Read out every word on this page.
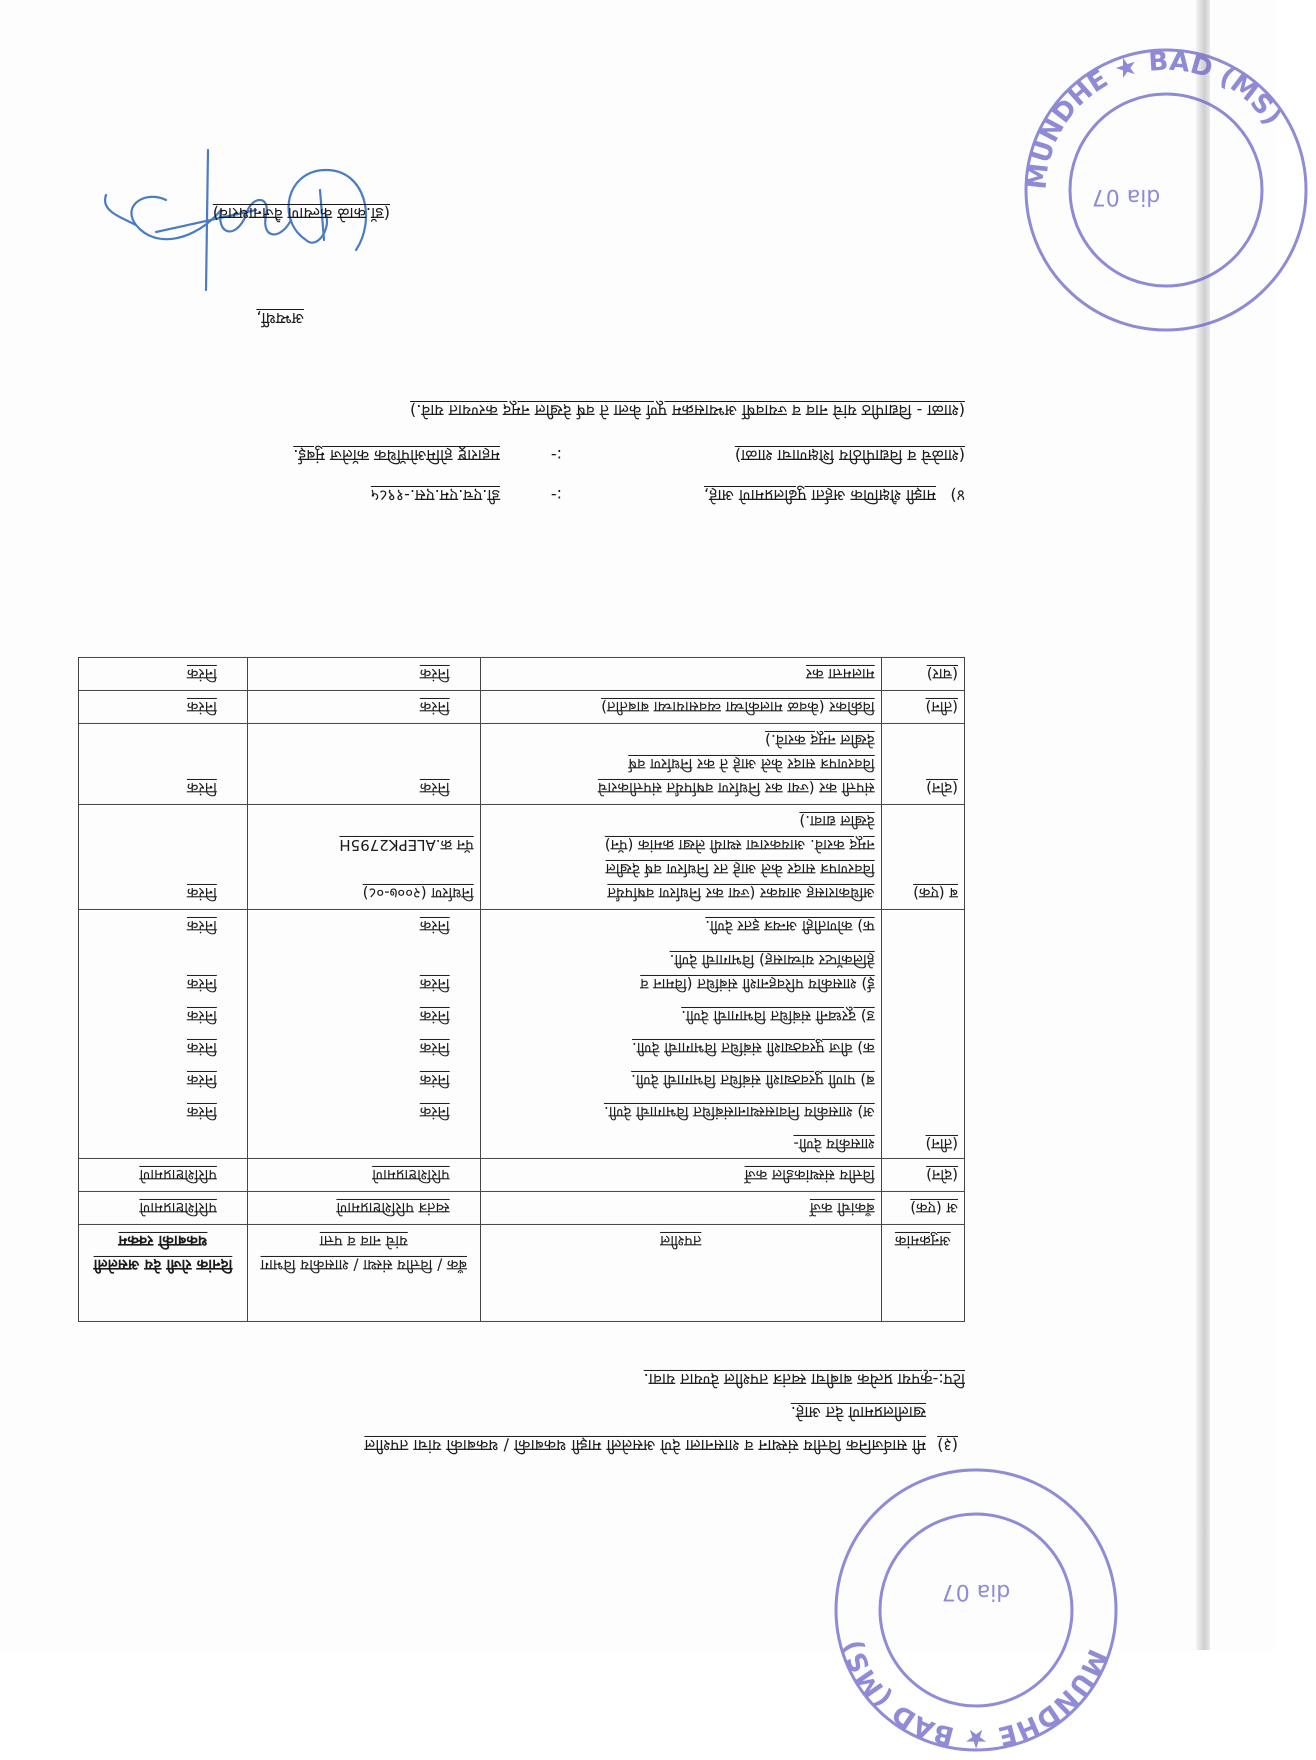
MUNDHE ★ BAD (MS)
dia 07
MUNDHE ★ BAD (MS)
dia 07
(३)
मी सार्वजनिक वित्तीय संस्थान व शासनाला देणे असलेली माझी थकबाकी / थकबाकी यांचा तपशील
खालीलप्रमाणे देत आहे.
टिप:-कृपया प्रत्येक बाबीचा स्वतंत्र तपशील देण्यात यावा.
अनुक्रमांक	तपशील	बँक / वित्तीय संस्था / शासकीय विभाग यांचे नाव व पत्ता	दिनांक रोजी देय असलेली थकबाकी रक्कम
अ (एक)	बँकांची कर्जे	स्वतंत्र परिशिष्टाप्रमाणे	परिशिष्टाप्रमाणे
(दोन)	वित्तीय संस्थांकडील कर्जे	परिशिष्टाप्रमाणे	परिशिष्टाप्रमाणे
(तीन)	शासकीय देणी-		

	अ) शासकीय निवासस्थानासंबंधित विभागाची देणी.	निरंक	निरंक

	ब) पाणी पुरवठ्याशी संबंधित विभागाची देणी.	निरंक	निरंक

	क) वीज पुरवठ्याशी संबंधित विभागाची देणी.	निरंक	निरंक

	ड) दूरध्वनी संबंधित विभागाची देणी.	निरंक	निरंक

	ई) शासकीय परिवहनाशी संबंधित (विमान व
हेलिकॉप्टर यांच्यासह) विभागाची देणी.	निरंक	निरंक

	फ) कोणतीही अन्यत्र इतर देणी.	निरंक	निरंक
ब (एक)	अधिकारासह आयकर (ज्या कर निर्धारण वर्षापर्यंत
विवरणपत्र सादर केले आहे तर निर्धारण वर्ष देखील
नमूद करावे. आयकराचा स्थायी लेखा क्रमांक (पॅन)
देखील द्यावा.)	निर्धारण (२००७-०८)
पॅन क्र.ALEPK2795H	निरंक
(दोन)	संपत्ती कर (ज्या कर निर्धारण वर्षापर्यंत संपत्तीकराचे
विवरणपत्र सादर केले आहे ते कर निर्धारण वर्ष
देखील नमूद करावे.)	निरंक	निरंक
(तीन)	विक्रीकर (केवळ मालकीच्या व्यवसायाच्या बाबतीत)	निरंक	निरंक
(चार)	मालमत्ता कर	निरंक	निरंक
४)
माझी शैक्षणिक अर्हता पुढीलप्रमाणे आहे,
:-
डी.एच.एम.एस.-१९८५
(शाळेचे व विद्यापीठीय शिक्षणाचा शाळा)
:-
महाराष्ट्र होमिओपॅथिक कॉलेज मुंबई.
(शाळा - विद्यापीठ यांचे नाव व ज्यावर्षी अभ्यासक्रम पूर्ण केला ते वर्ष देखील नमूद करण्यात यावे.)
अभ्यर्थी,
(डॉ.काळे कल्याण वैजनाथराव)
